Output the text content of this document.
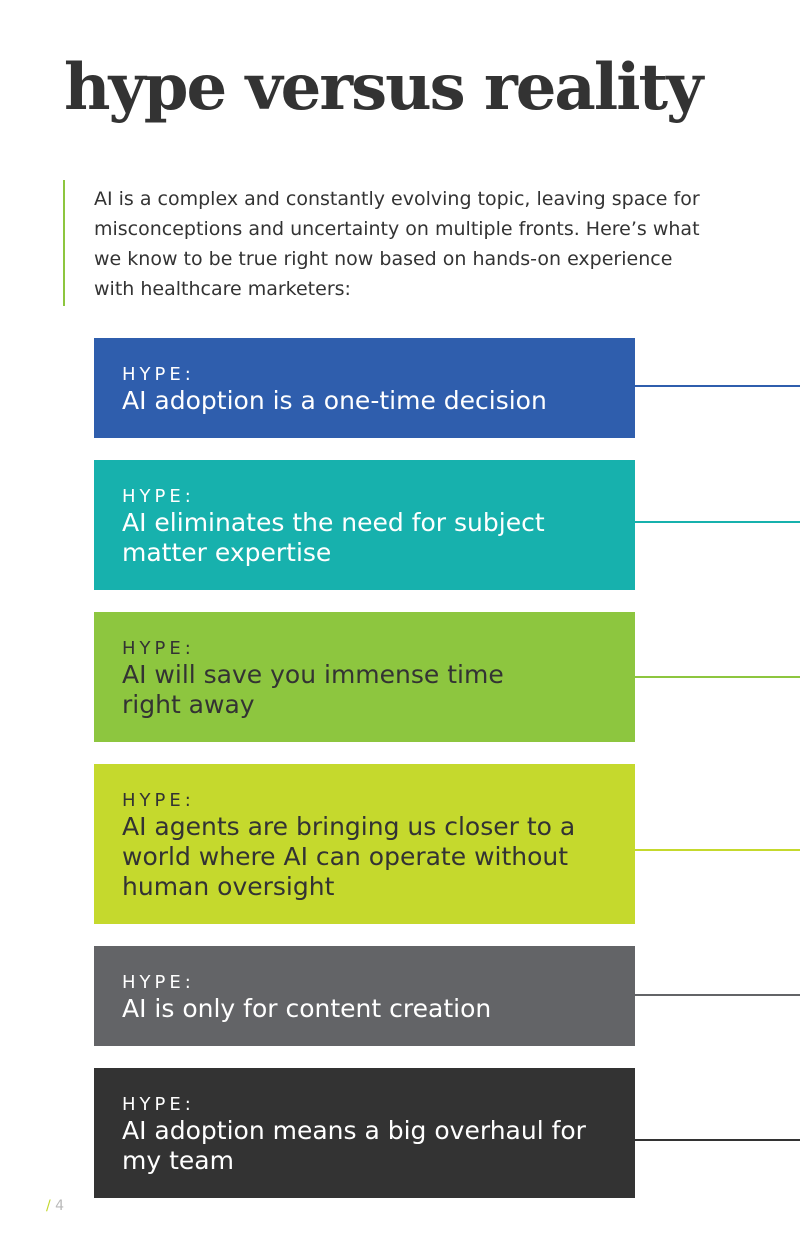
hype versus reality

AI is a complex and constantly evolving topic, leaving space for misconceptions and uncertainty on multiple fronts. Here’s what we know to be true right now based on hands-on experience with healthcare marketers:

HYPE:
AI adoption is a one-time decision
HYPE:
AI eliminates the need for subject
matter expertise
HYPE:
AI will save you immense time
right away
HYPE:
AI agents are bringing us closer to a
world where AI can operate without
human oversight
HYPE:
AI is only for content creation
HYPE:
AI adoption means a big overhaul for
my team
/ 4
